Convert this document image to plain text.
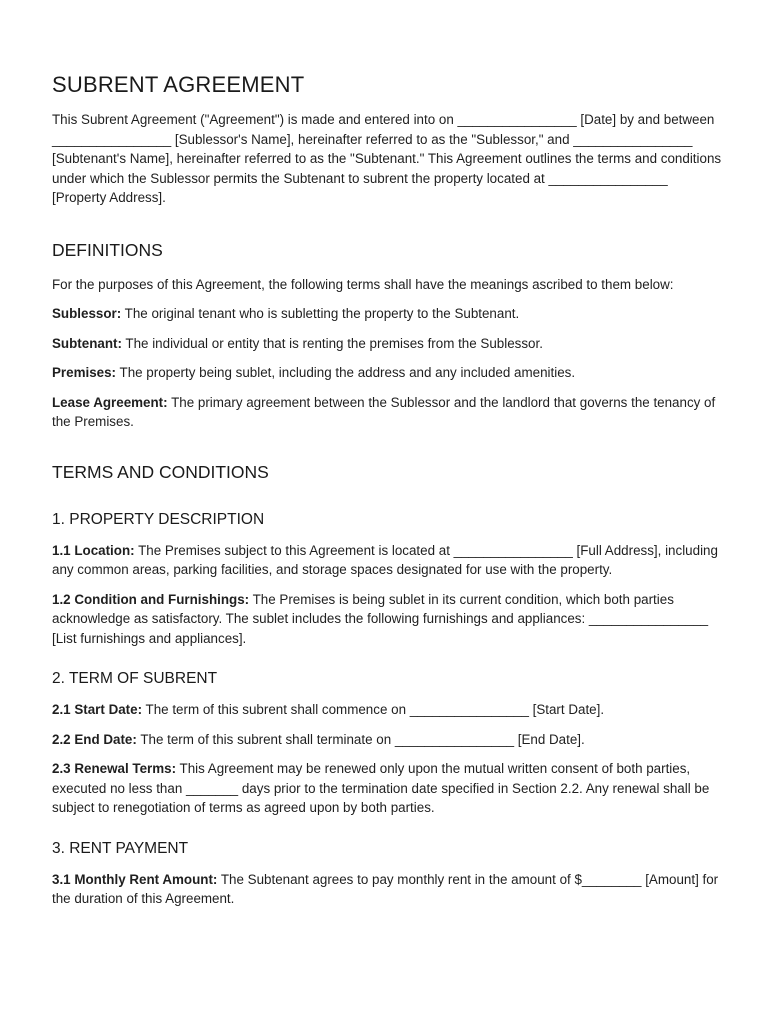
SUBRENT AGREEMENT

This Subrent Agreement ("Agreement") is made and entered into on ________________ [Date] by and between ________________ [Sublessor's Name], hereinafter referred to as the "Sublessor," and ________________ [Subtenant's Name], hereinafter referred to as the "Subtenant." This Agreement outlines the terms and conditions under which the Sublessor permits the Subtenant to subrent the property located at ________________ [Property Address].

DEFINITIONS

For the purposes of this Agreement, the following terms shall have the meanings ascribed to them below:

Sublessor: The original tenant who is subletting the property to the Subtenant.

Subtenant: The individual or entity that is renting the premises from the Sublessor.

Premises: The property being sublet, including the address and any included amenities.

Lease Agreement: The primary agreement between the Sublessor and the landlord that governs the tenancy of the Premises.

TERMS AND CONDITIONS
1. PROPERTY DESCRIPTION

1.1 Location: The Premises subject to this Agreement is located at ________________ [Full Address], including any common areas, parking facilities, and storage spaces designated for use with the property.

1.2 Condition and Furnishings: The Premises is being sublet in its current condition, which both parties acknowledge as satisfactory. The sublet includes the following furnishings and appliances: ________________ [List furnishings and appliances].

2. TERM OF SUBRENT

2.1 Start Date: The term of this subrent shall commence on ________________ [Start Date].

2.2 End Date: The term of this subrent shall terminate on ________________ [End Date].

2.3 Renewal Terms: This Agreement may be renewed only upon the mutual written consent of both parties, executed no less than _______ days prior to the termination date specified in Section 2.2. Any renewal shall be subject to renegotiation of terms as agreed upon by both parties.

3. RENT PAYMENT

3.1 Monthly Rent Amount: The Subtenant agrees to pay monthly rent in the amount of $________ [Amount] for the duration of this Agreement.
